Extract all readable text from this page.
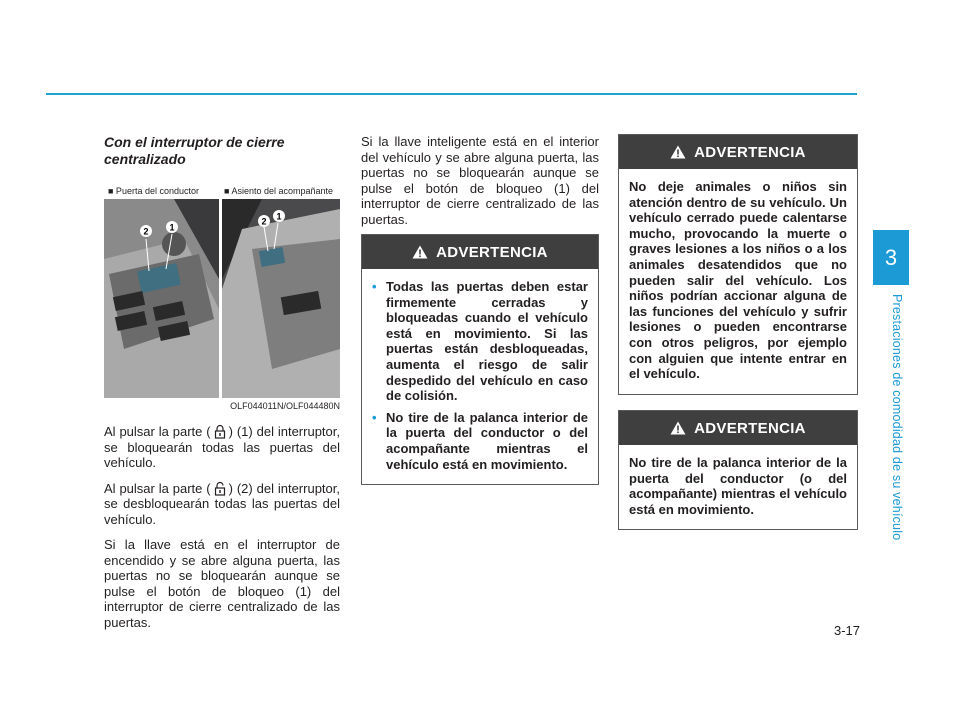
3
Prestaciones de comodidad de su vehículo
3-17
Con el interruptor de cierre centralizado
■ Puerta del conductor	■ Asiento del acompañante
2 1
2 1
OLF044011N/OLF044480N

Al pulsar la parte ( ) (1) del interruptor, se bloquearán todas las puertas del vehículo.

Al pulsar la parte ( ) (2) del interruptor, se desbloquearán todas las puertas del vehículo.

Si la llave está en el interruptor de encendido y se abre alguna puerta, las puertas no se bloquearán aunque se pulse el botón de bloqueo (1) del interruptor de cierre centralizado de las puertas.

Si la llave inteligente está en el interior del vehículo y se abre alguna puerta, las puertas no se bloquearán aunque se pulse el botón de bloqueo (1) del interruptor de cierre centralizado de las puertas.

ADVERTENCIA
• Todas las puertas deben estar firmemente cerradas y bloqueadas cuando el vehículo está en movimiento. Si las puertas están desbloqueadas, aumenta el riesgo de salir despedido del vehículo en caso de colisión.
• No tire de la palanca interior de la puerta del conductor o del acompañante mientras el vehículo está en movimiento.
ADVERTENCIA

No deje animales o niños sin atención dentro de su vehículo. Un vehículo cerrado puede calentarse mucho, provocando la muerte o graves lesiones a los niños o a los animales desatendidos que no pueden salir del vehículo. Los niños podrían accionar alguna de las funciones del vehículo y sufrir lesiones o pueden encontrarse con otros peligros, por ejemplo con alguien que intente entrar en el vehículo.

ADVERTENCIA

No tire de la palanca interior de la puerta del conductor (o del acompañante) mientras el vehículo está en movimiento.
